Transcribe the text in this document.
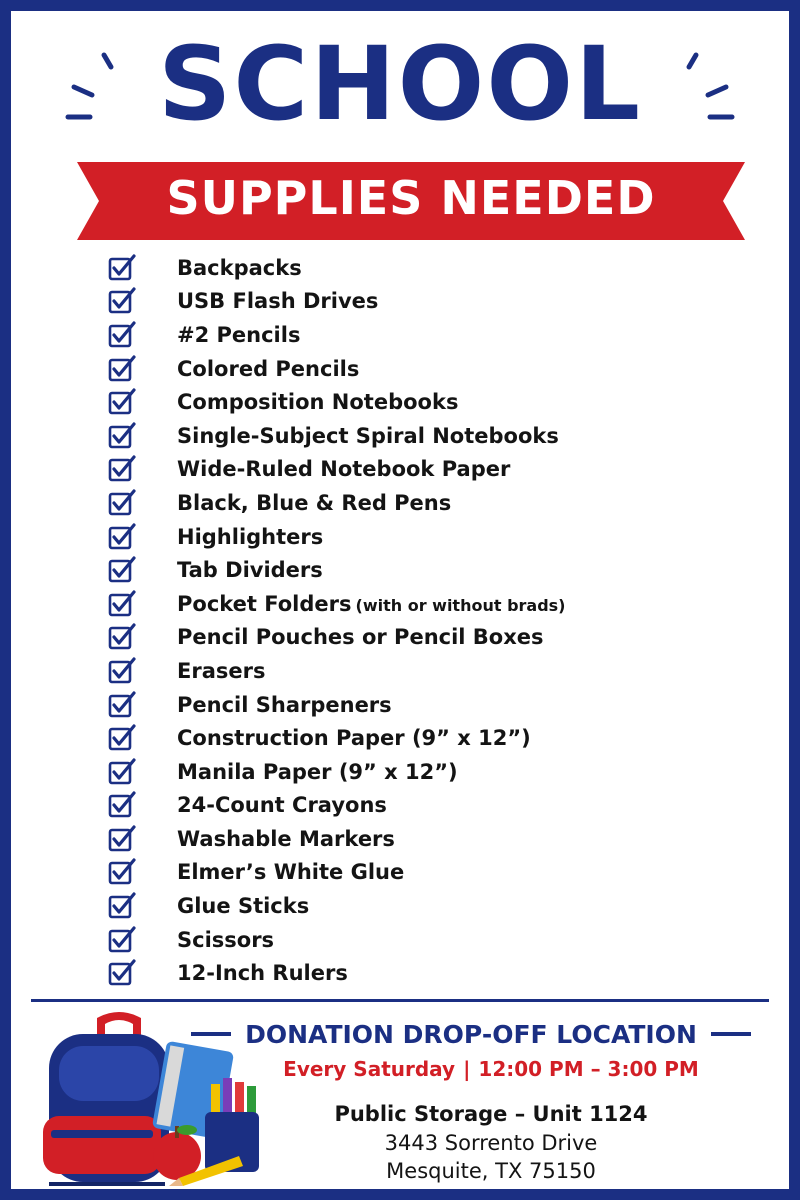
SCHOOL
SUPPLIES NEEDED
Backpacks
USB Flash Drives
#2 Pencils
Colored Pencils
Composition Notebooks
Single-Subject Spiral Notebooks
Wide-Ruled Notebook Paper
Black, Blue & Red Pens
Highlighters
Tab Dividers
Pocket Folders (with or without brads)
Pencil Pouches or Pencil Boxes
Erasers
Pencil Sharpeners
Construction Paper (9” x 12”)
Manila Paper (9” x 12”)
24-Count Crayons
Washable Markers
Elmer’s White Glue
Glue Sticks
Scissors
12-Inch Rulers
DONATION DROP-OFF LOCATION
Every Saturday | 12:00 PM – 3:00 PM
Public Storage – Unit 1124
3443 Sorrento Drive
Mesquite, TX 75150
